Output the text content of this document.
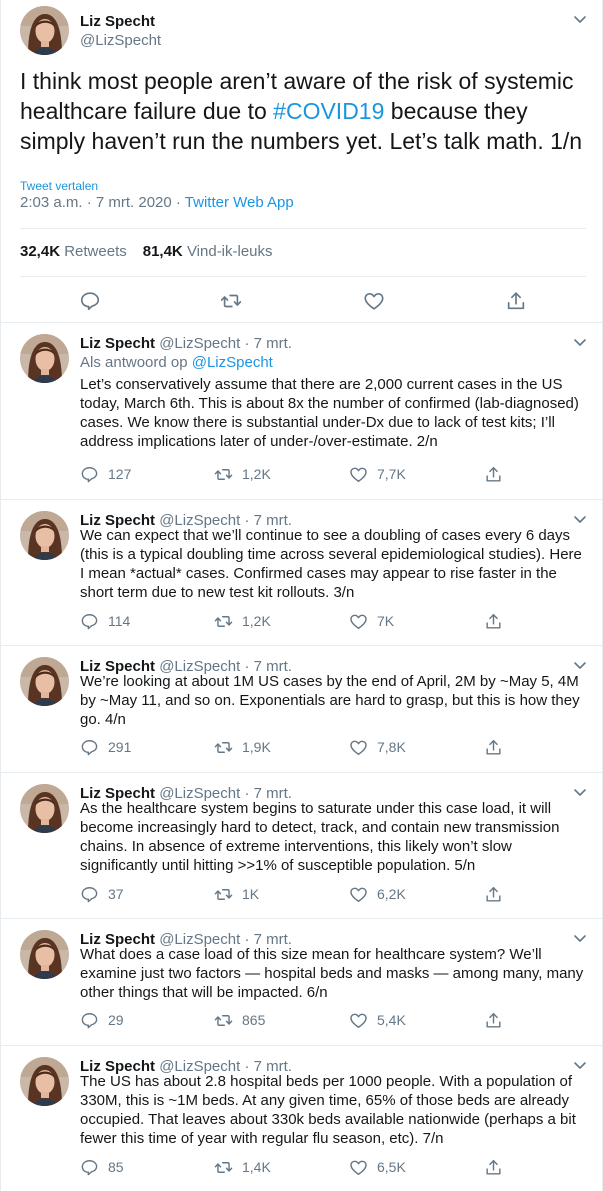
Liz Specht
@LizSpecht
I think most people aren’t aware of the risk of systemic healthcare failure due to #COVID19 because they simply haven’t run the numbers yet. Let’s talk math. 1/n
Tweet vertalen
2:03 a.m. · 7 mrt. 2020 · Twitter Web App
32,4K Retweets 81,4K Vind-ik-leuks
Liz Specht @LizSpecht · 7 mrt.
Als antwoord op @LizSpecht
Let’s conservatively assume that there are 2,000 current cases in the US today, March 6th. This is about 8x the number of confirmed (lab-diagnosed) cases. We know there is substantial under-Dx due to lack of test kits; I’ll address implications later of under-/over-estimate. 2/n
127	1,2K	7,7K
Liz Specht @LizSpecht · 7 mrt.
We can expect that we’ll continue to see a doubling of cases every 6 days (this is a typical doubling time across several epidemiological studies). Here I mean *actual* cases. Confirmed cases may appear to rise faster in the short term due to new test kit rollouts. 3/n
114	1,2K	7K
Liz Specht @LizSpecht · 7 mrt.
We’re looking at about 1M US cases by the end of April, 2M by ~May 5, 4M by ~May 11, and so on. Exponentials are hard to grasp, but this is how they go. 4/n
291	1,9K	7,8K
Liz Specht @LizSpecht · 7 mrt.
As the healthcare system begins to saturate under this case load, it will become increasingly hard to detect, track, and contain new transmission chains. In absence of extreme interventions, this likely won’t slow significantly until hitting >>1% of susceptible population. 5/n
37	1K	6,2K
Liz Specht @LizSpecht · 7 mrt.
What does a case load of this size mean for healthcare system? We’ll examine just two factors — hospital beds and masks — among many, many other things that will be impacted. 6/n
29	865	5,4K
Liz Specht @LizSpecht · 7 mrt.
The US has about 2.8 hospital beds per 1000 people. With a population of 330M, this is ~1M beds. At any given time, 65% of those beds are already occupied. That leaves about 330k beds available nationwide (perhaps a bit fewer this time of year with regular flu season, etc). 7/n
85	1,4K	6,5K
